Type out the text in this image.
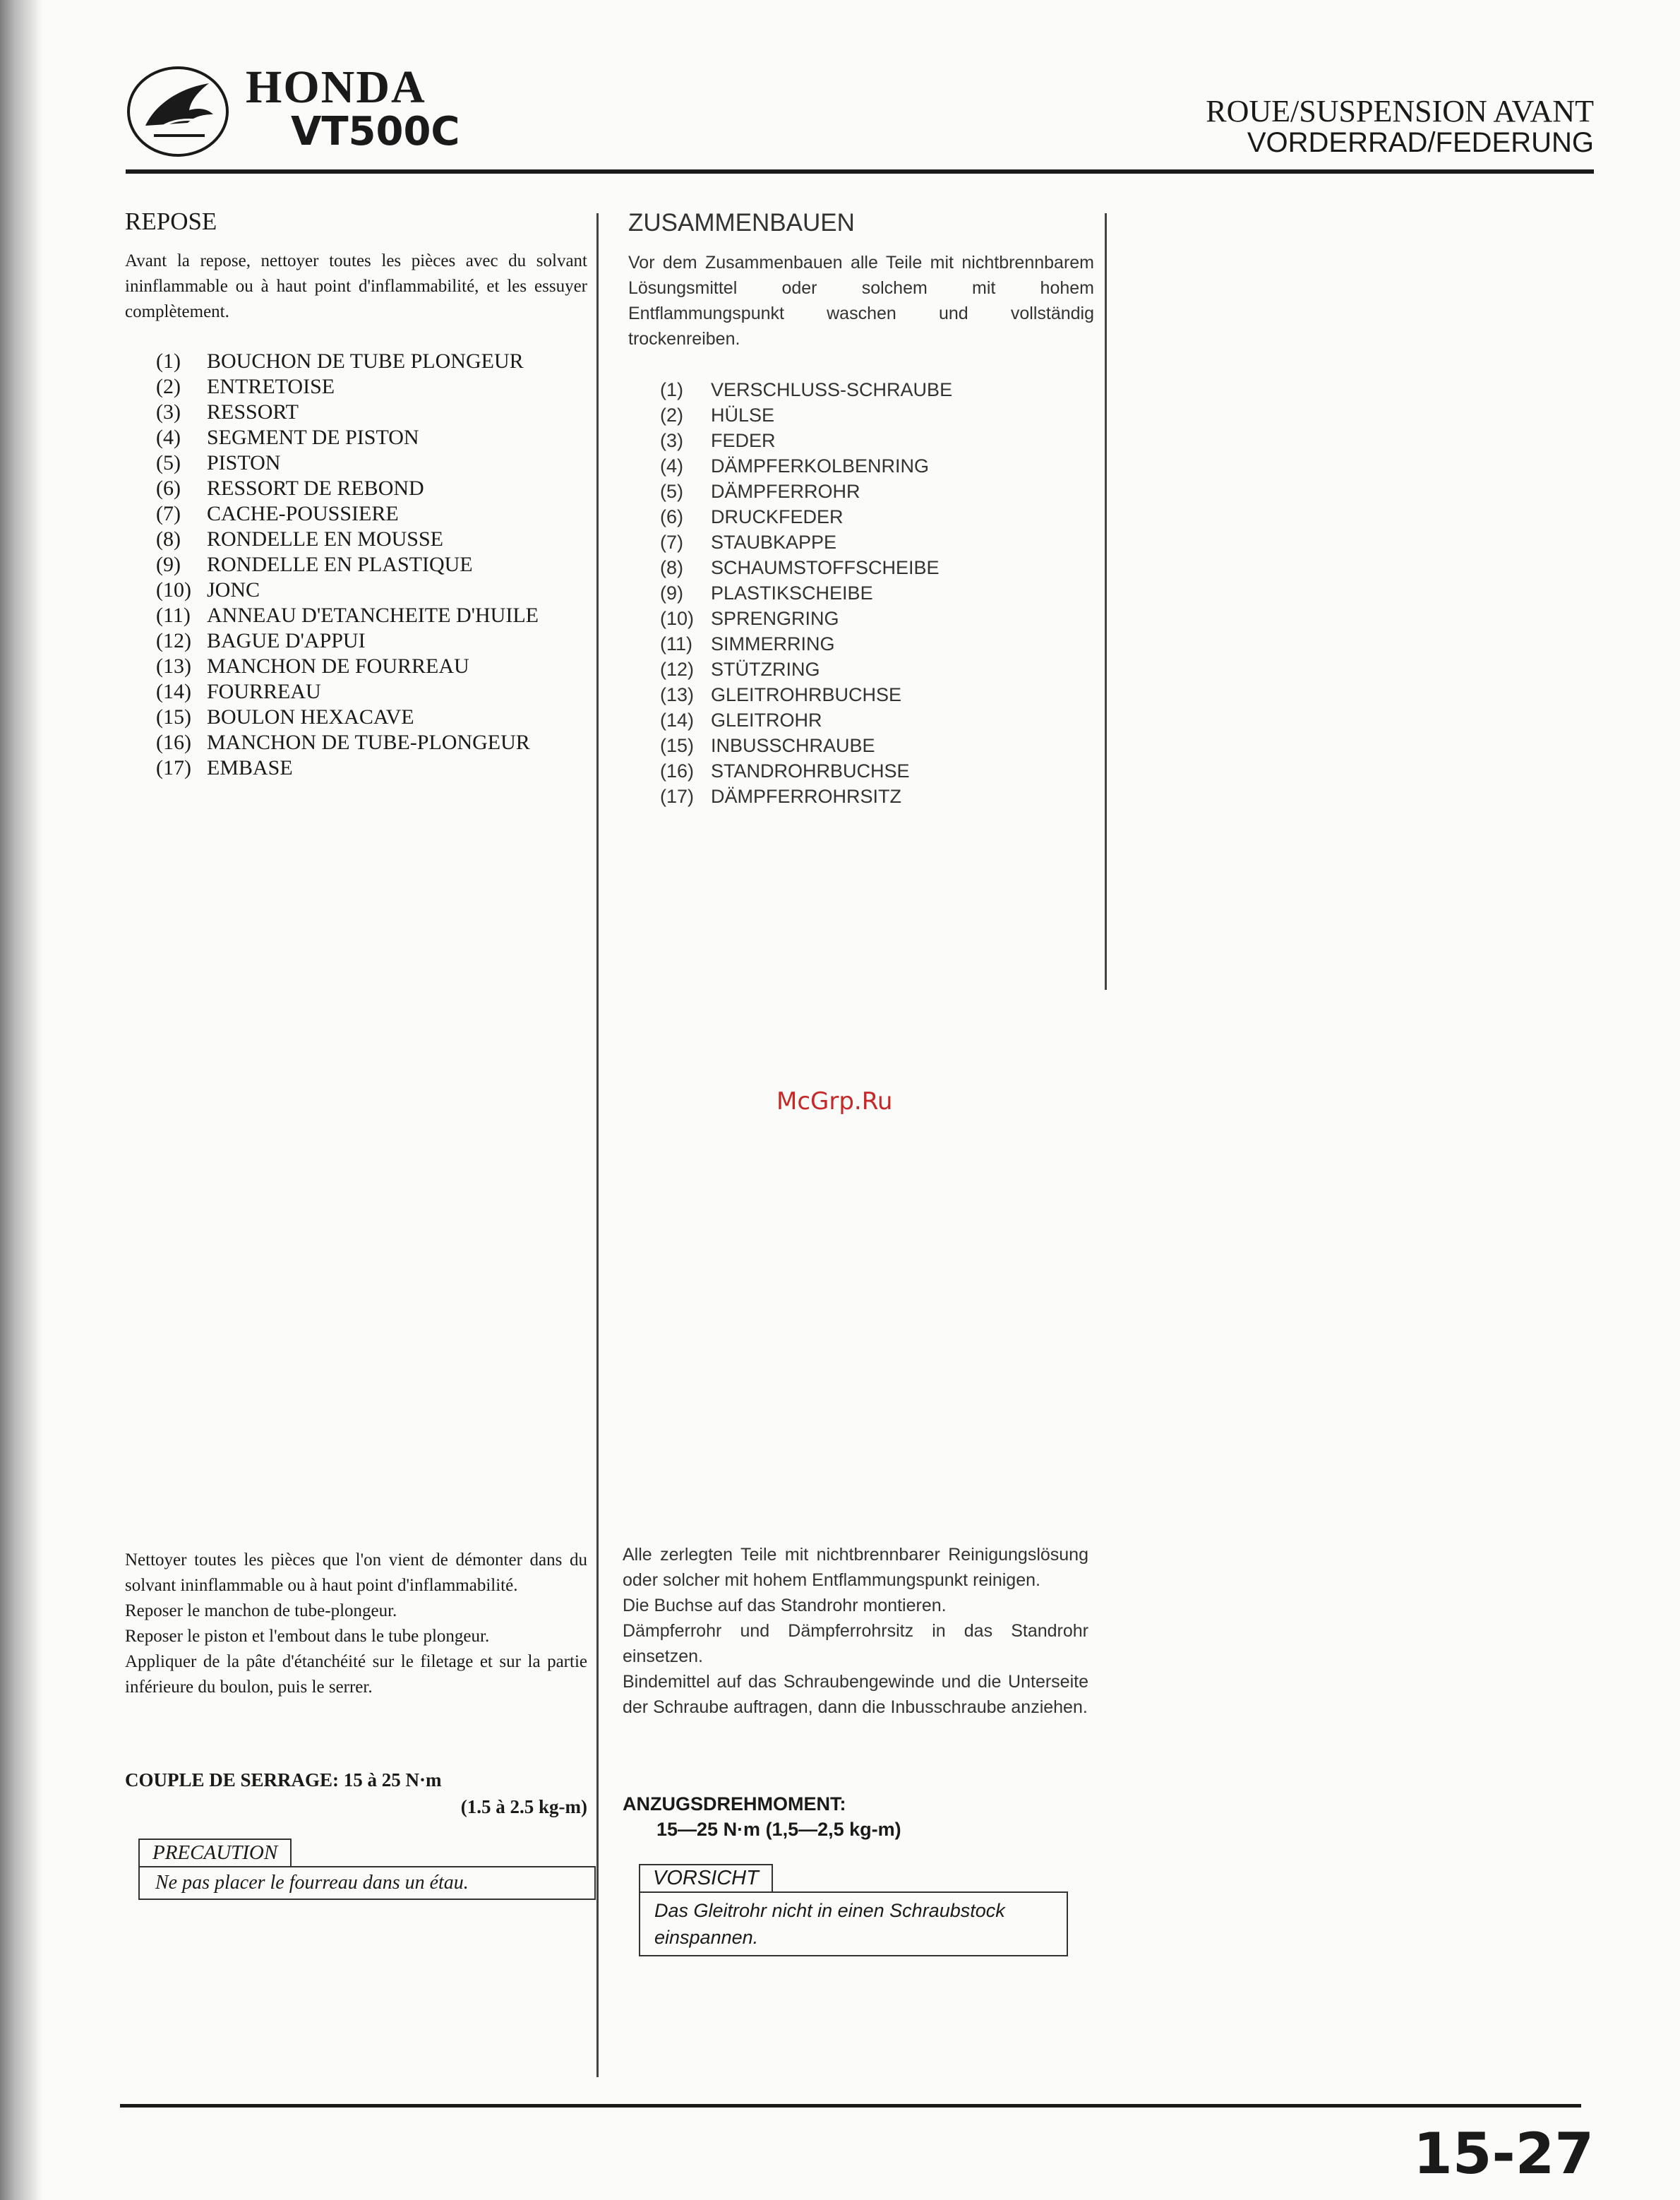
HONDA
VT500C	ROUE/SUSPENSION AVANT
VORDERRAD/FEDERUNG
REPOSE
Avant la repose, nettoyer toutes les pièces avec du solvant ininflammable ou à haut point d'inflammabilité, et les essuyer complètement.
(1)	BOUCHON DE TUBE PLONGEUR
(2)	ENTRETOISE
(3)	RESSORT
(4)	SEGMENT DE PISTON
(5)	PISTON
(6)	RESSORT DE REBOND
(7)	CACHE-POUSSIERE
(8)	RONDELLE EN MOUSSE
(9)	RONDELLE EN PLASTIQUE
(10) JONC
(11) ANNEAU D'ETANCHEITE D'HUILE
(12) BAGUE D'APPUI
(13) MANCHON DE FOURREAU
(14) FOURREAU
(15) BOULON HEXACAVE
(16) MANCHON DE TUBE-PLONGEUR
(17) EMBASE
Nettoyer toutes les pièces que l'on vient de démonter dans du solvant ininflammable ou à haut point d'inflammabilité.
Reposer le manchon de tube-plongeur.
Reposer le piston et l'embout dans le tube plongeur.
Appliquer de la pâte d'étanchéité sur le filetage et sur la partie inférieure du boulon, puis le serrer.
COUPLE DE SERRAGE: 15 à 25 N·m
(1.5 à 2.5 kg-m)
PRECAUTION
Ne pas placer le fourreau dans un étau.
ZUSAMMENBAUEN
Vor dem Zusammenbauen alle Teile mit nichtbrennbarem Lösungsmittel oder solchem mit hohem Entflammungspunkt waschen und vollständig trockenreiben.
(1)	VERSCHLUSS-SCHRAUBE
(2)	HÜLSE
(3)	FEDER
(4)	DÄMPFERKOLBENRING
(5)	DÄMPFERROHR
(6)	DRUCKFEDER
(7)	STAUBKAPPE
(8)	SCHAUMSTOFFSCHEIBE
(9)	PLASTIKSCHEIBE
(10) SPRENGRING
(11) SIMMERRING
(12) STÜTZRING
(13) GLEITROHRBUCHSE
(14) GLEITROHR
(15) INBUSSCHRAUBE
(16) STANDROHRBUCHSE
(17) DÄMPFERROHRSITZ
Alle zerlegten Teile mit nichtbrennbarer Reinigungslösung oder solcher mit hohem Entflammungspunkt reinigen.
Die Buchse auf das Standrohr montieren.
Dämpferrohr und Dämpferrohrsitz in das Standrohr einsetzen.
Bindemittel auf das Schraubengewinde und die Unterseite der Schraube auftragen, dann die Inbusschraube anziehen.
ANZUGSDREHMOMENT:
15—25 N·m (1,5—2,5 kg-m)
VORSICHT
Das Gleitrohr nicht in einen Schraubstock einspannen.
McGrp.Ru
15-27
